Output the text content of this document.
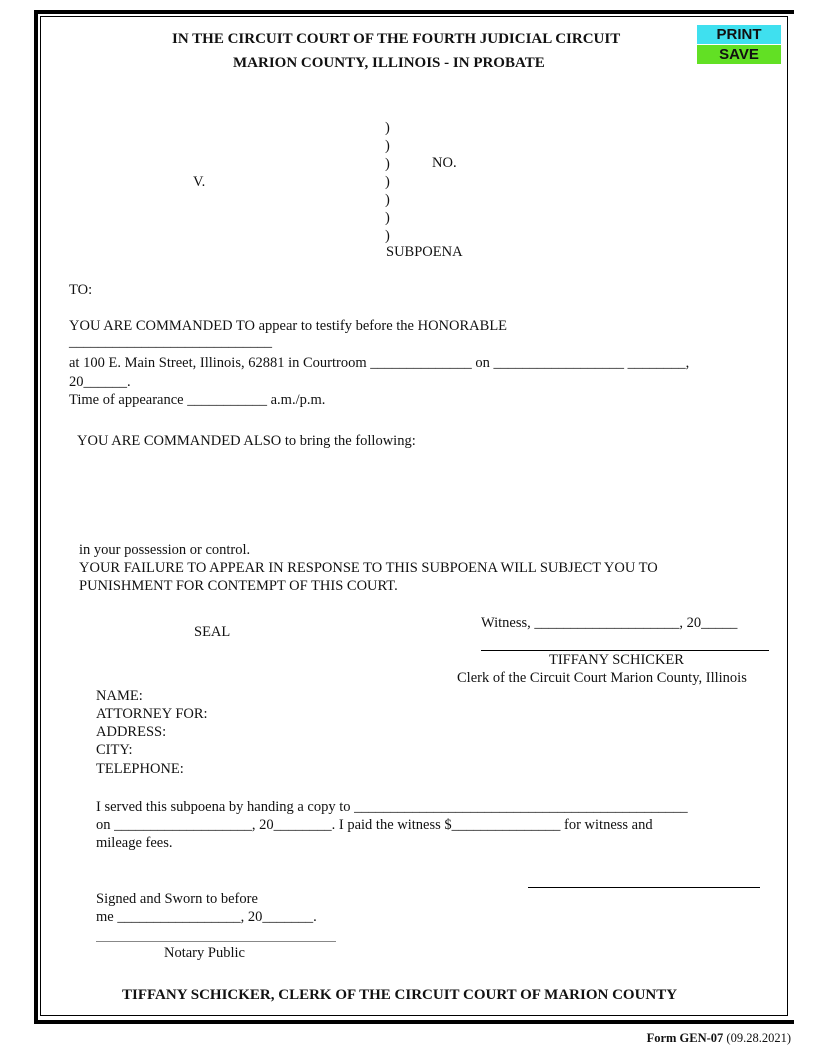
IN THE CIRCUIT COURT OF THE FOURTH JUDICIAL CIRCUIT
MARION COUNTY, ILLINOIS - IN PROBATE
PRINT
SAVE
)
)
)
)
)
)
)
V.
NO.
SUBPOENA
TO:
YOU ARE COMMANDED TO appear to testify before the HONORABLE
____________________________
at 100 E. Main Street, Illinois, 62881 in Courtroom ______________ on __________________ ________,
20______.
Time of appearance ___________ a.m./p.m.
YOU ARE COMMANDED ALSO to bring the following:
in your possession or control.
YOUR FAILURE TO APPEAR IN RESPONSE TO THIS SUBPOENA WILL SUBJECT YOU TO
PUNISHMENT FOR CONTEMPT OF THIS COURT.
SEAL
Witness, ____________________, 20_____
TIFFANY SCHICKER
Clerk of the Circuit Court Marion County, Illinois
NAME:
ATTORNEY FOR:
ADDRESS:
CITY:
TELEPHONE:
I served this subpoena by handing a copy to ______________________________________________
on ___________________, 20________. I paid the witness $_______________ for witness and
mileage fees.
Signed and Sworn to before
me _________________, 20_______.
Notary Public
TIFFANY SCHICKER, CLERK OF THE CIRCUIT COURT OF MARION COUNTY
Form GEN-07 (09.28.2021)
